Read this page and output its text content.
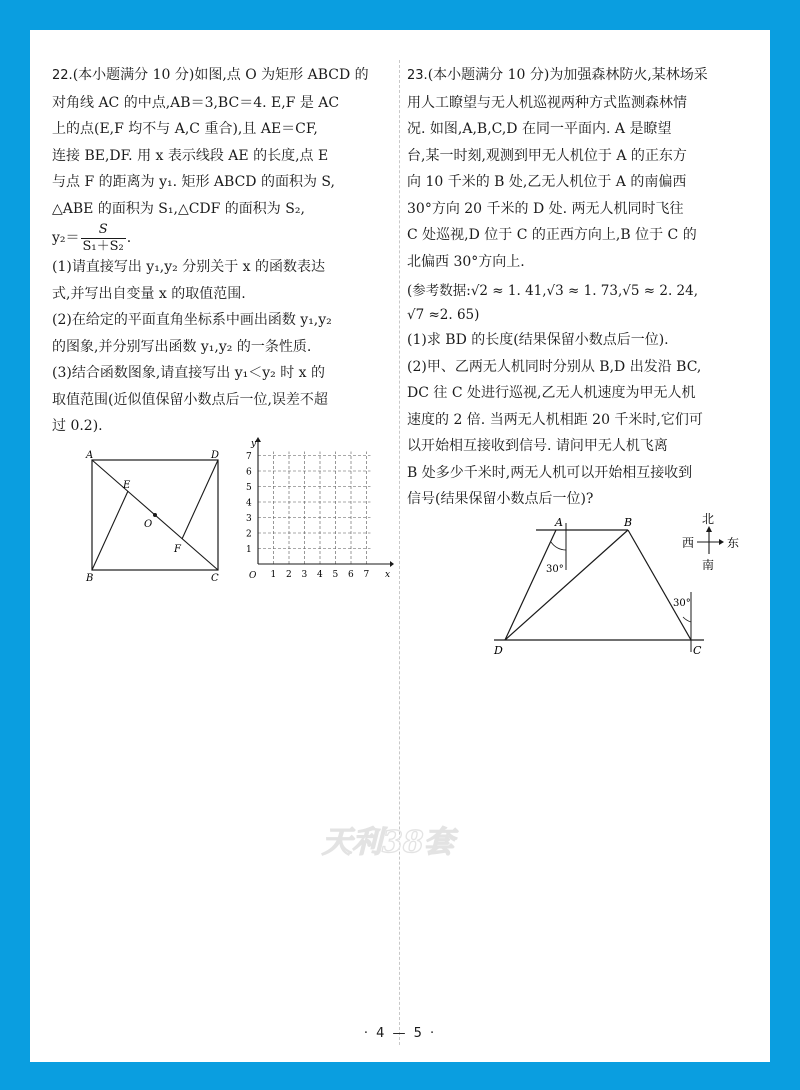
22.(本小题满分 10 分)如图,点 O 为矩形 ABCD 的

对角线 AC 的中点,AB＝3,BC＝4. E,F 是 AC

上的点(E,F 均不与 A,C 重合),且 AE＝CF,

连接 BE,DF. 用 x 表示线段 AE 的长度,点 E

与点 F 的距离为 y₁. 矩形 ABCD 的面积为 S,

△ABE 的面积为 S₁,△CDF 的面积为 S₂,

$y_2= \frac{S}{\text{S₁＋S₂}}$ .

(1)请直接写出 y₁,y₂ 分别关于 x 的函数表达

式,并写出自变量 x 的取值范围.

(2)在给定的平面直角坐标系中画出函数 y₁,y₂

的图象,并分别写出函数 y₁,y₂ 的一条性质.

(3)结合函数图象,请直接写出 y₁＜y₂ 时 x 的

取值范围(近似值保留小数点后一位,误差不超

过 0.2).

A	D
B	C
E
F
O
y
x
O
1
2
3
4
5
6
7
1 2 3 4 5 6 7

23.(本小题满分 10 分)为加强森林防火,某林场采

用人工瞭望与无人机巡视两种方式监测森林情

况. 如图,A,B,C,D 在同一平面内. A 是瞭望

台,某一时刻,观测到甲无人机位于 A 的正东方

向 10 千米的 B 处,乙无人机位于 A 的南偏西

30°方向 20 千米的 D 处. 两无人机同时飞往

C 处巡视,D 位于 C 的正西方向上,B 位于 C 的

北偏西 30°方向上.

(参考数据:√2 ≈ 1. 41,√3 ≈ 1. 73,√5 ≈ 2. 24,

√7 ≈2. 65)

(1)求 BD 的长度(结果保留小数点后一位).

(2)甲、乙两无人机同时分别从 B,D 出发沿 BC,

DC 往 C 处进行巡视,乙无人机速度为甲无人机

速度的 2 倍. 当两无人机相距 20 千米时,它们可

以开始相互接收到信号. 请问甲无人机飞离

B 处多少千米时,两无人机可以开始相互接收到

信号(结果保留小数点后一位)?

A	B
D	C
30°
30°
北
南
东
西
天利38套
· 4 — 5 ·
